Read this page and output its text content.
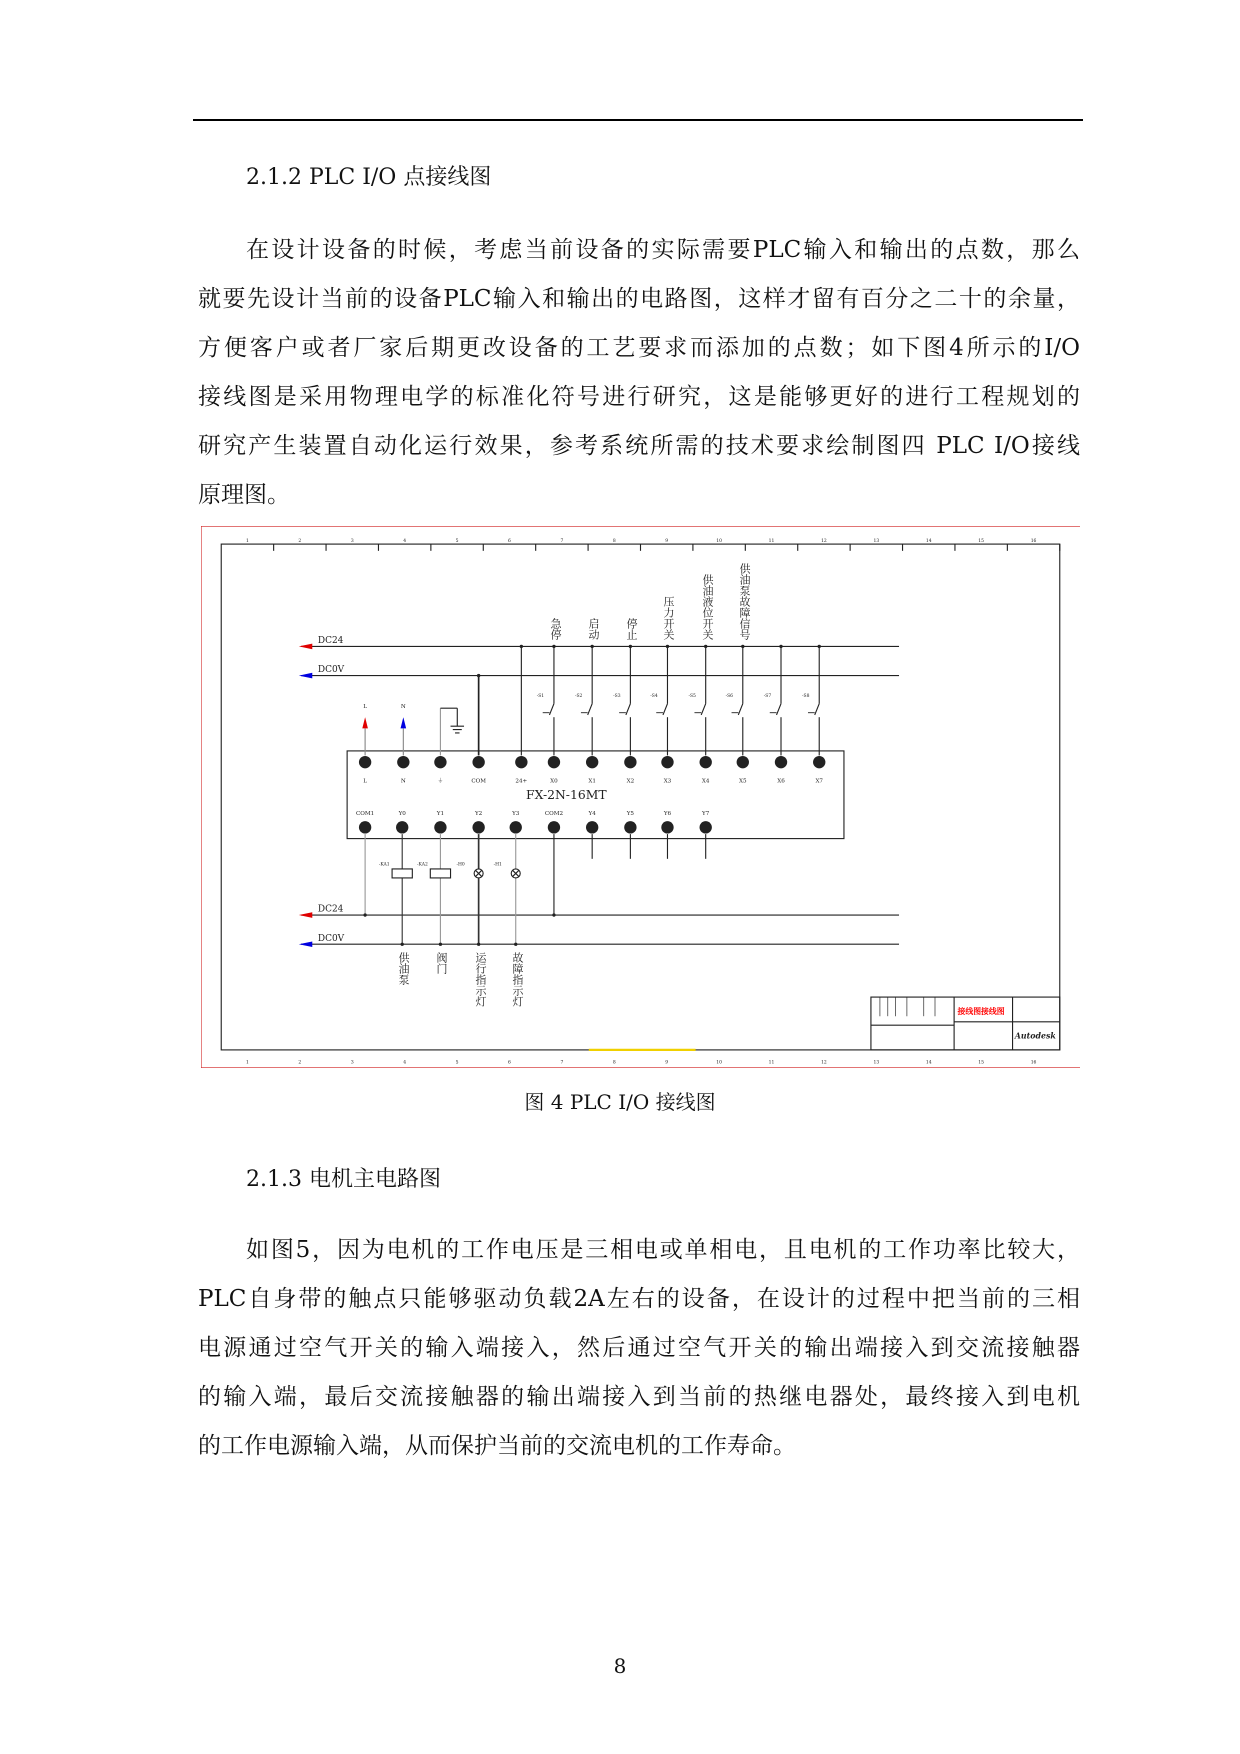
2.1.2 PLC I/O 点接线图
在设计设备的时候，考虑当前设备的实际需要PLC输入和输出的点数，那么
就要先设计当前的设备PLC输入和输出的电路图，这样才留有百分之二十的余量，
方便客户或者厂家后期更改设备的工艺要求而添加的点数；如下图4所示的I/O
接线图是采用物理电学的标准化符号进行研究，这是能够更好的进行工程规划的
研究产生装置自动化运行效果，参考系统所需的技术要求绘制图四 PLC I/O接线
原理图。
1
1
2
2
3
3
4
4
5
5
6
6
7
7
8
8
9
9
10
10
11
11
12
12
13
13
14
14
15
15
16
16
DC24
DC0V
DC24
DC0V
FX-2N-16MT
L	N	⏚	COM	24+	X0	X1	X2	X3	X4	X5	X6	X7
COM1	Y0	Y1	Y2	Y3	COM2	Y4	Y5	Y6	Y7
L	N
-S1	-S2	-S3	-S4	-S5	-S6	-S7	-S8
-KA1	-KA2	-H0	-H1
接线图接线图
Autodesk
急停 启动 停止 压力开关 供油液位开关 供油泵故障信号
供油泵 阀门 运行指示灯 故障指示灯
图 4 PLC I/O 接线图
2.1.3 电机主电路图
如图5，因为电机的工作电压是三相电或单相电，且电机的工作功率比较大，
PLC自身带的触点只能够驱动负载2A左右的设备，在设计的过程中把当前的三相
电源通过空气开关的输入端接入，然后通过空气开关的输出端接入到交流接触器
的输入端，最后交流接触器的输出端接入到当前的热继电器处，最终接入到电机
的工作电源输入端，从而保护当前的交流电机的工作寿命。
8
